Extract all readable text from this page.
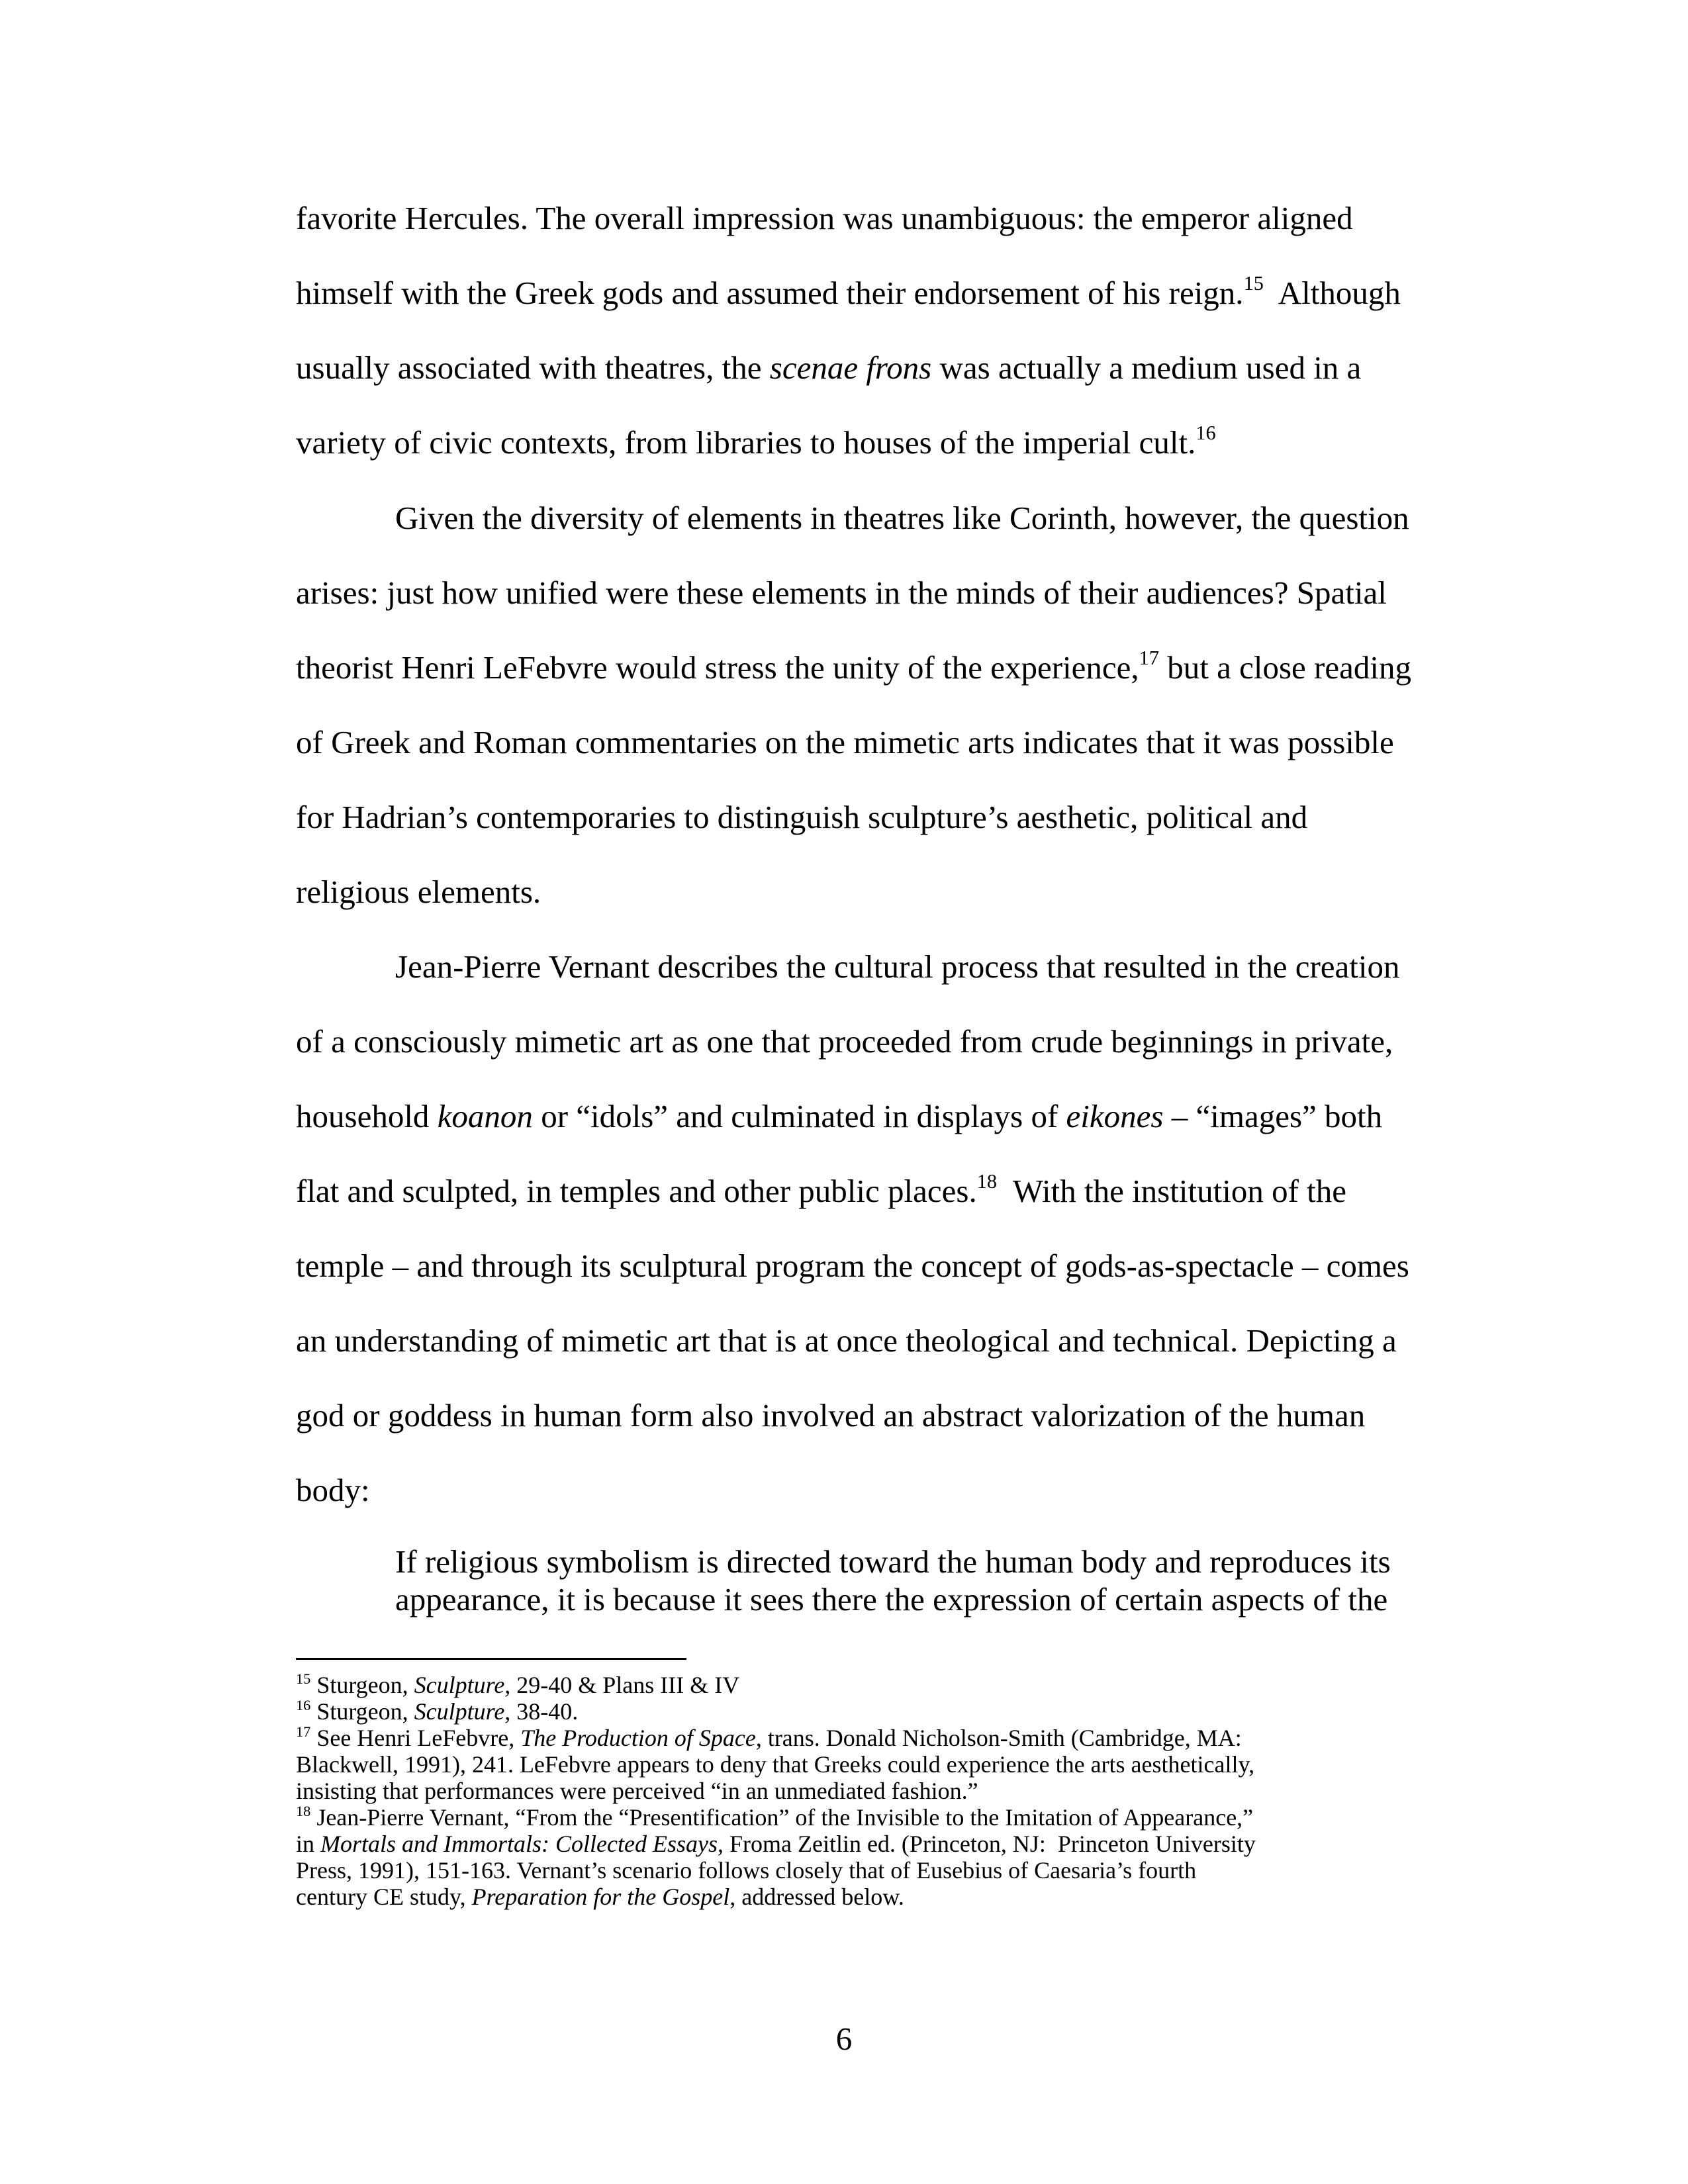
favorite Hercules. The overall impression was unambiguous: the emperor aligned

himself with the Greek gods and assumed their endorsement of his reign.$^{15}$  Although

usually associated with theatres, the scenae frons was actually a medium used in a

variety of civic contexts, from libraries to houses of the imperial cult.$^{16}$

Given the diversity of elements in theatres like Corinth, however, the question

arises: just how unified were these elements in the minds of their audiences? Spatial

theorist Henri LeFebvre would stress the unity of the experience,$^{17}$ but a close reading

of Greek and Roman commentaries on the mimetic arts indicates that it was possible

for Hadrian’s contemporaries to distinguish sculpture’s aesthetic, political and

religious elements.

Jean-Pierre Vernant describes the cultural process that resulted in the creation

of a consciously mimetic art as one that proceeded from crude beginnings in private,

household koanon or “idols” and culminated in displays of eikones – “images” both

flat and sculpted, in temples and other public places.$^{18}$  With the institution of the

temple – and through its sculptural program the concept of gods-as-spectacle – comes

an understanding of mimetic art that is at once theological and technical. Depicting a

god or goddess in human form also involved an abstract valorization of the human

body:

If religious symbolism is directed toward the human body and reproduces its

appearance, it is because it sees there the expression of certain aspects of the

$^{15}$ Sturgeon, Sculpture, 29-40 & Plans III & IV

$^{16}$ Sturgeon, Sculpture, 38-40.

$^{17}$ See Henri LeFebvre, The Production of Space, trans. Donald Nicholson-Smith (Cambridge, MA:

Blackwell, 1991), 241. LeFebvre appears to deny that Greeks could experience the arts aesthetically,

insisting that performances were perceived “in an unmediated fashion.”

$^{18}$ Jean-Pierre Vernant, “From the “Presentification” of the Invisible to the Imitation of Appearance,”

in Mortals and Immortals: Collected Essays, Froma Zeitlin ed. (Princeton, NJ:  Princeton University

Press, 1991), 151-163. Vernant’s scenario follows closely that of Eusebius of Caesaria’s fourth

century CE study, Preparation for the Gospel, addressed below.

6
